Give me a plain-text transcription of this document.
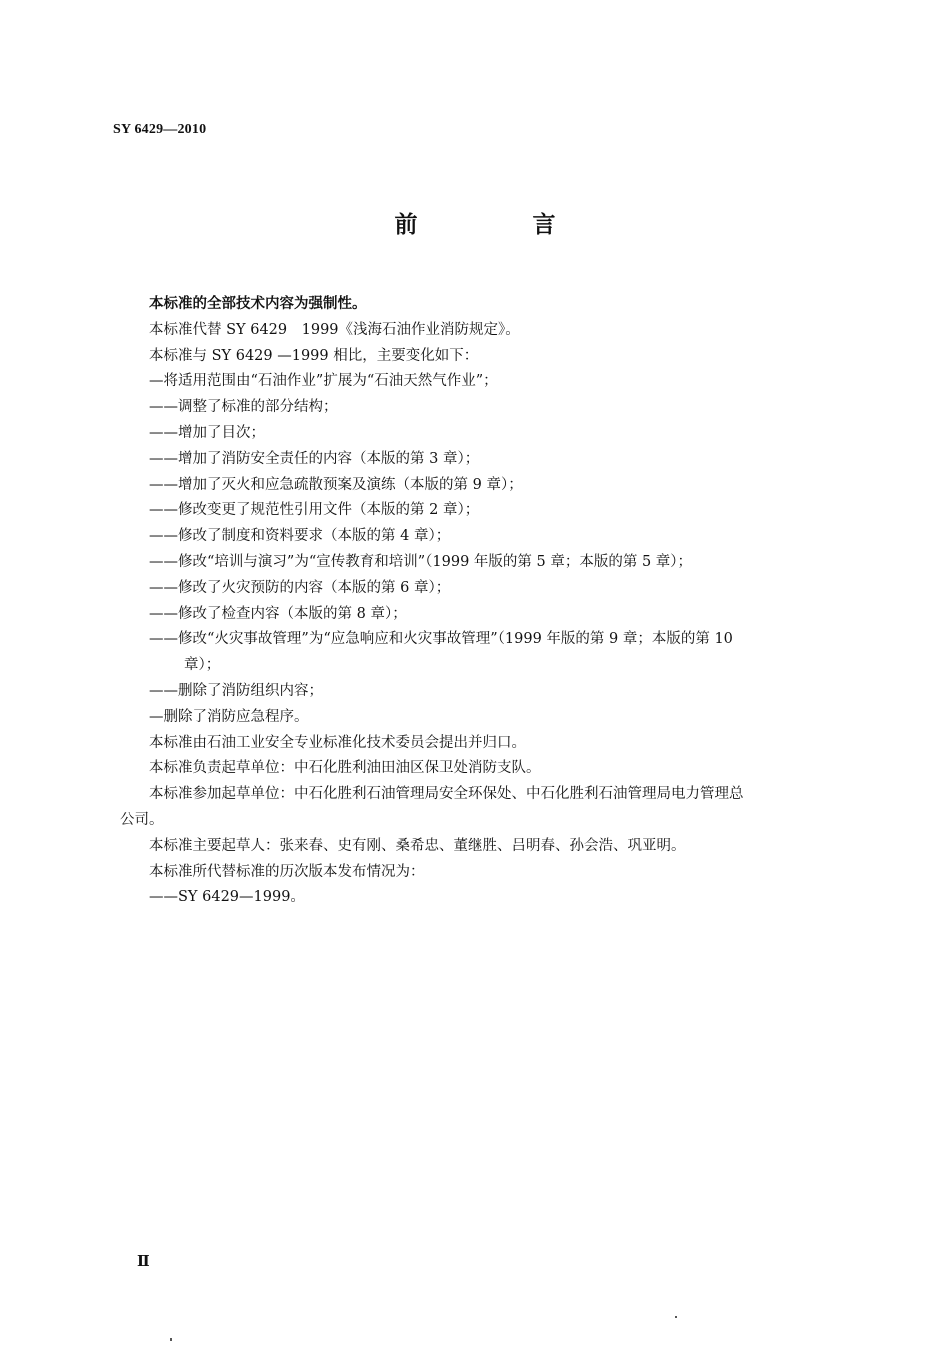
SY 6429—2010
前　言
本标准的全部技术内容为强制性。
本标准代替 SY 6429　1999《浅海石油作业消防规定》。
本标准与 SY 6429 —1999 相比，主要变化如下：
—将适用范围由“石油作业”扩展为“石油天然气作业”；
——调整了标准的部分结构；
——增加了目次；
——增加了消防安全责任的内容（本版的第 3 章）；
——增加了灭火和应急疏散预案及演练（本版的第 9 章）；
——修改变更了规范性引用文件（本版的第 2 章）；
——修改了制度和资料要求（本版的第 4 章）；
——修改“培训与演习”为“宣传教育和培训”（1999 年版的第 5 章；本版的第 5 章）；
——修改了火灾预防的内容（本版的第 6 章）；
——修改了检查内容（本版的第 8 章）；
——修改“火灾事故管理”为“应急响应和火灾事故管理”（1999 年版的第 9 章；本版的第 10
章）；
——删除了消防组织内容；
—删除了消防应急程序。
本标准由石油工业安全专业标准化技术委员会提出并归口。
本标准负责起草单位：中石化胜利油田油区保卫处消防支队。
本标准参加起草单位：中石化胜利石油管理局安全环保处、中石化胜利石油管理局电力管理总
公司。
本标准主要起草人：张来春、史有刚、桑希忠、董继胜、吕明春、孙会浩、巩亚明。
本标准所代替标准的历次版本发布情况为：
——SY 6429—1999。
Ⅱ
